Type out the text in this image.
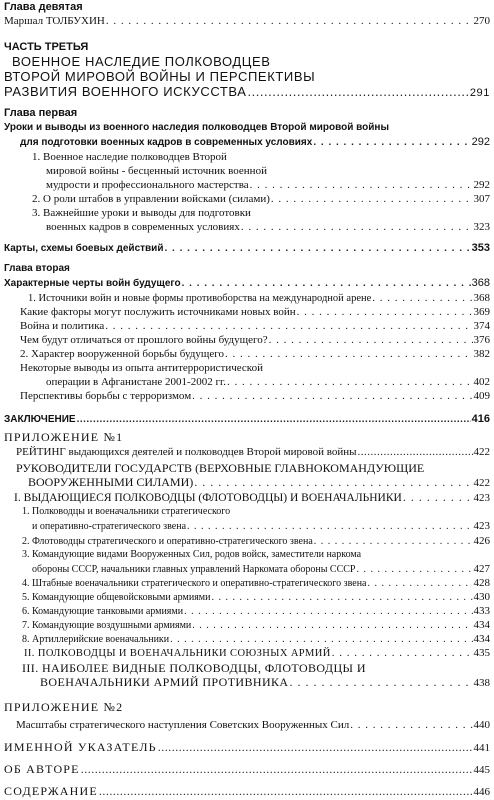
Глава девятая
Маршал ТОЛБУХИН . . .	270
ЧАСТЬ ТРЕТЬЯ
ВОЕННОЕ НАСЛЕДИЕ ПОЛКОВОДЦЕВ
ВТОРОЙ МИРОВОЙ ВОЙНЫ И ПЕРСПЕКТИВЫ
РАЗВИТИЯ ВОЕННОГО ИСКУССТВА .....	291
Глава первая
Уроки и выводы из военного наследия полководцев Второй мировой войны
для подготовки военных кадров в современных условиях . . .	292
1. Военное наследие полководцев Второй
мировой войны - бесценный источник военной
мудрости и профессионального мастерства . . .	292
2. О роли штабов в управлении войсками (силами) . . .	307
3. Важнейшие уроки и выводы для подготовки
военных кадров в современных условиях . . .	323
Карты, схемы боевых действий . . .	353
Глава вторая
Характерные черты войн будущего . . .	368
1. Источники войн и новые формы противоборства на международной арене . . .	368
Какие факторы могут послужить источниками новых войн . . .	369
Война и политика . . .	374
Чем будут отличаться от прошлого войны будущего? . . .	376
2. Характер вооруженной борьбы будущего . . .	382
Некоторые выводы из опыта антитеррористической
операции в Афганистане 2001-2002 гг. . . .	402
Перспективы борьбы с терроризмом . . .	409
ЗАКЛЮЧЕНИЕ .....	416
ПРИЛОЖЕНИЕ №1
РЕЙТИНГ выдающихся деятелей и полководцев Второй мировой войны .....	422
РУКОВОДИТЕЛИ ГОСУДАРСТВ (ВЕРХОВНЫЕ ГЛАВНОКОМАНДУЮЩИЕ
ВООРУЖЕННЫМИ СИЛАМИ) . . .	422
I. ВЫДАЮЩИЕСЯ ПОЛКОВОДЦЫ (ФЛОТОВОДЦЫ) И ВОЕНАЧАЛЬНИКИ . . .	423
1. Полководцы и военачальники стратегического
и оперативно-стратегического звена . . .	423
2. Флотоводцы стратегического и оперативно-стратегического звена . . .	426
3. Командующие видами Вооруженных Сил, родов войск, заместители наркома
обороны СССР, начальники главных управлений Наркомата обороны СССР . . .	427
4. Штабные военачальники стратегического и оперативно-стратегического звена . . .	428
5. Командующие общевойсковыми армиями . . .	430
6. Командующие танковыми армиями . . .	433
7. Командующие воздушными армиями . . .	434
8. Артиллерийские военачальники . . .	434
II. ПОЛКОВОДЦЫ И ВОЕНАЧАЛЬНИКИ СОЮЗНЫХ АРМИЙ . . .	435
III. НАИБОЛЕЕ ВИДНЫЕ ПОЛКОВОДЦЫ, ФЛОТОВОДЦЫ И
ВОЕНАЧАЛЬНИКИ АРМИЙ ПРОТИВНИКА . . .	438
ПРИЛОЖЕНИЕ №2
Масштабы стратегического наступления Советских Вооруженных Сил . . .	440
ИМЕННОЙ УКАЗАТЕЛЬ .....	441
ОБ АВТОРЕ .....	445
СОДЕРЖАНИЕ .....	446
